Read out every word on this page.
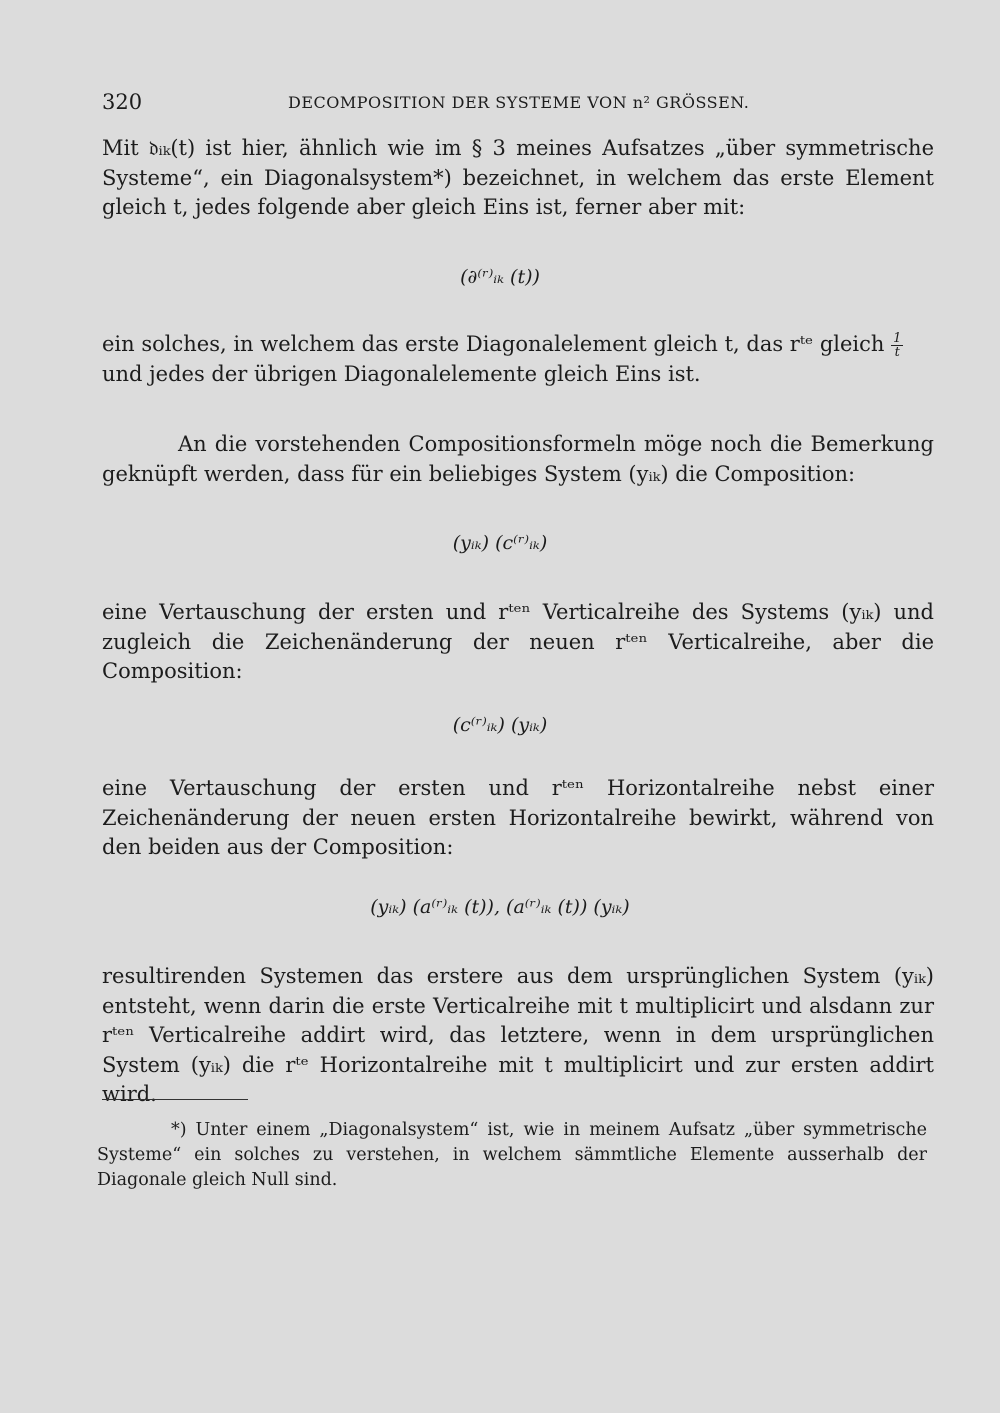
320	DECOMPOSITION DER SYSTEME VON n² GRÖSSEN.

Mit 𝔡ᵢₖ(t) ist hier, ähnlich wie im § 3 meines Aufsatzes „über symmetrische Systeme“, ein Diagonalsystem*) bezeichnet, in welchem das erste Element gleich t, jedes folgende aber gleich Eins ist, ferner aber mit:

(∂⁽ʳ⁾ᵢₖ (t))
ein solches, in welchem das erste Diagonalelement gleich t, das rᵗᵉ gleich $\frac{1}{t}$

und jedes der übrigen Diagonalelemente gleich Eins ist.

An die vorstehenden Compositionsformeln möge noch die Bemerkung geknüpft werden, dass für ein beliebiges System (yᵢₖ) die Composition:

(yᵢₖ) (c⁽ʳ⁾ᵢₖ)

eine Vertauschung der ersten und rᵗᵉⁿ Verticalreihe des Systems (yᵢₖ) und zugleich die Zeichenänderung der neuen rᵗᵉⁿ Verticalreihe, aber die Composition:

(c⁽ʳ⁾ᵢₖ) (yᵢₖ)

eine Vertauschung der ersten und rᵗᵉⁿ Horizontalreihe nebst einer Zeichenänderung der neuen ersten Horizontalreihe bewirkt, während von den beiden aus der Composition:

(yᵢₖ) (a⁽ʳ⁾ᵢₖ (t)), (a⁽ʳ⁾ᵢₖ (t)) (yᵢₖ)

resultirenden Systemen das erstere aus dem ursprünglichen System (yᵢₖ) entsteht, wenn darin die erste Verticalreihe mit t multiplicirt und alsdann zur rᵗᵉⁿ Verticalreihe addirt wird, das letztere, wenn in dem ursprünglichen System (yᵢₖ) die rᵗᵉ Horizontalreihe mit t multiplicirt und zur ersten addirt wird.

*) Unter einem „Diagonalsystem“ ist, wie in meinem Aufsatz „über symmetrische Systeme“ ein solches zu verstehen, in welchem sämmtliche Elemente ausserhalb der Diagonale gleich Null sind.
